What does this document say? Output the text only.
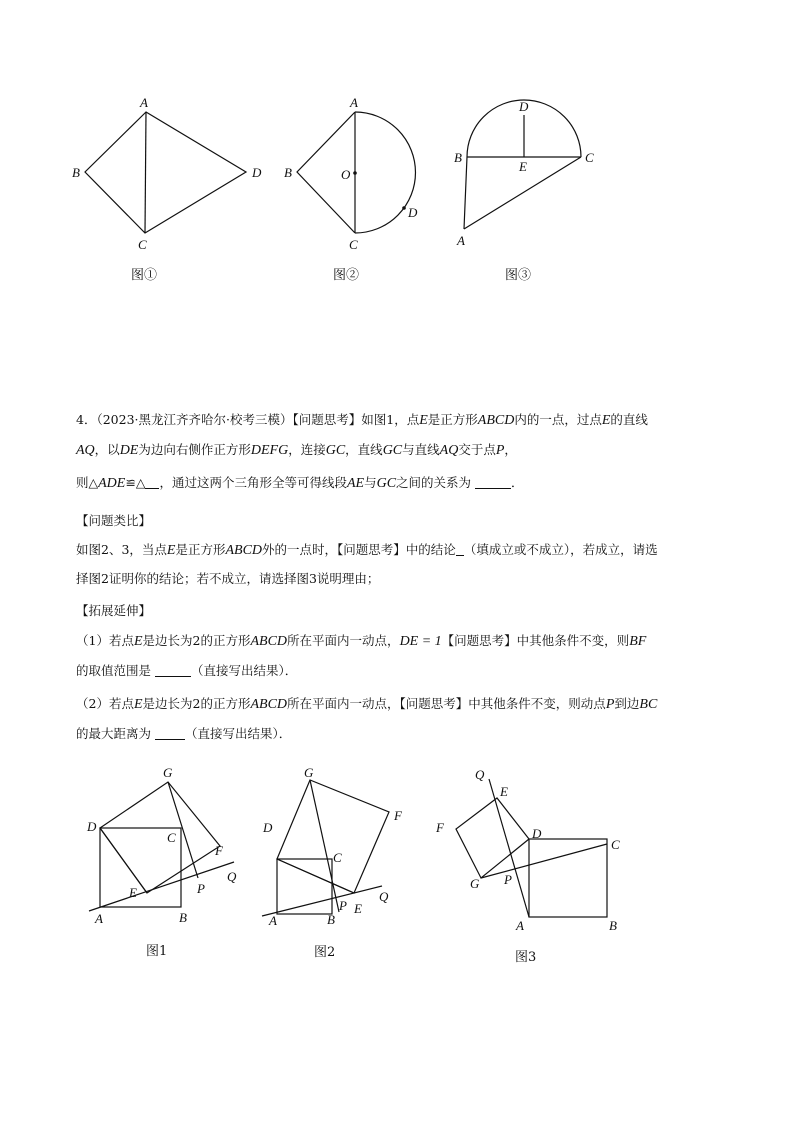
A
B
C
D
图①
A
B	O
D
C
图②
D
B	C
E
A
图③
4．（2023·黑龙江齐齐哈尔·校考三模）【问题思考】如图1，点E是正方形ABCD内的一点，过点E的直线
AQ，以DE为边向右侧作正方形DEFG，连接GC，直线GC与直线AQ交于点P，
则△ADE≌△ ，通过这两个三角形全等可得线段AE与GC之间的关系为	．
【问题类比】
如图2、3，当点E是正方形ABCD外的一点时，【问题思考】中的结论 （填成立或不成立），若成立，请选
择图2证明你的结论；若不成立，请选择图3说明理由；
【拓展延伸】
（1）若点E是边长为2的正方形ABCD所在平面内一动点，DE = 1【问题思考】中其他条件不变，则BF
的取值范围是	（直接写出结果）．
（2）若点E是边长为2的正方形ABCD所在平面内一动点，【问题思考】中其他条件不变，则动点P到边BC
的最大距离为	（直接写出结果）．
G
D
C
F
Q
E	P
A	B
图1
G
D
F
C
P E
Q
A	B
图2
Q
E
F	D
C
G P
A	B
图3
